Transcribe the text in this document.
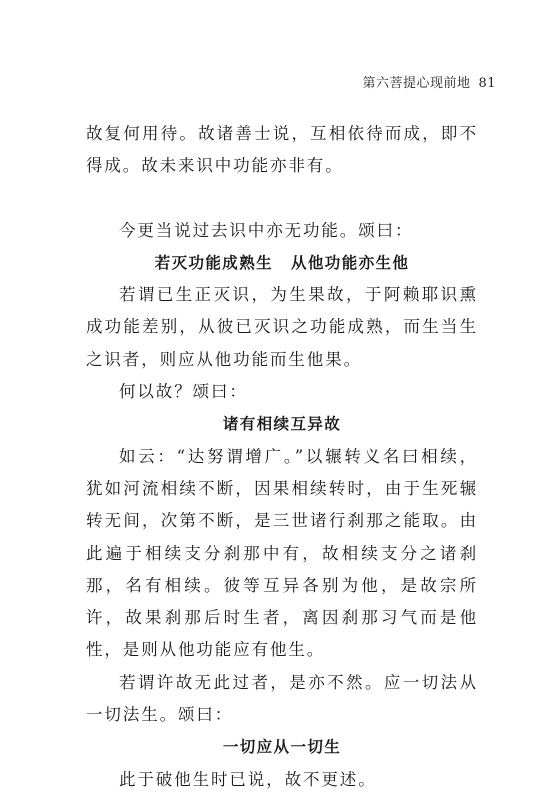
第六菩提心现前地 81

故复何用待。故诸善士说，互相依待而成，即不得成。故未来识中功能亦非有。

今更当说过去识中亦无功能。颂曰：

若灭功能成熟生 从他功能亦生他

若谓已生正灭识，为生果故，于阿赖耶识熏成功能差别，从彼已灭识之功能成熟，而生当生之识者，则应从他功能而生他果。

何以故？颂曰：

诸有相续互异故

如云：“达努谓增广。”以辗转义名曰相续，犹如河流相续不断，因果相续转时，由于生死辗转无间，次第不断，是三世诸行刹那之能取。由此遍于相续支分刹那中有，故相续支分之诸刹那，名有相续。彼等互异各别为他，是故宗所许，故果刹那后时生者，离因刹那习气而是他性，是则从他功能应有他生。

若谓许故无此过者，是亦不然。应一切法从一切法生。颂曰：

一切应从一切生

此于破他生时已说，故不更述。
